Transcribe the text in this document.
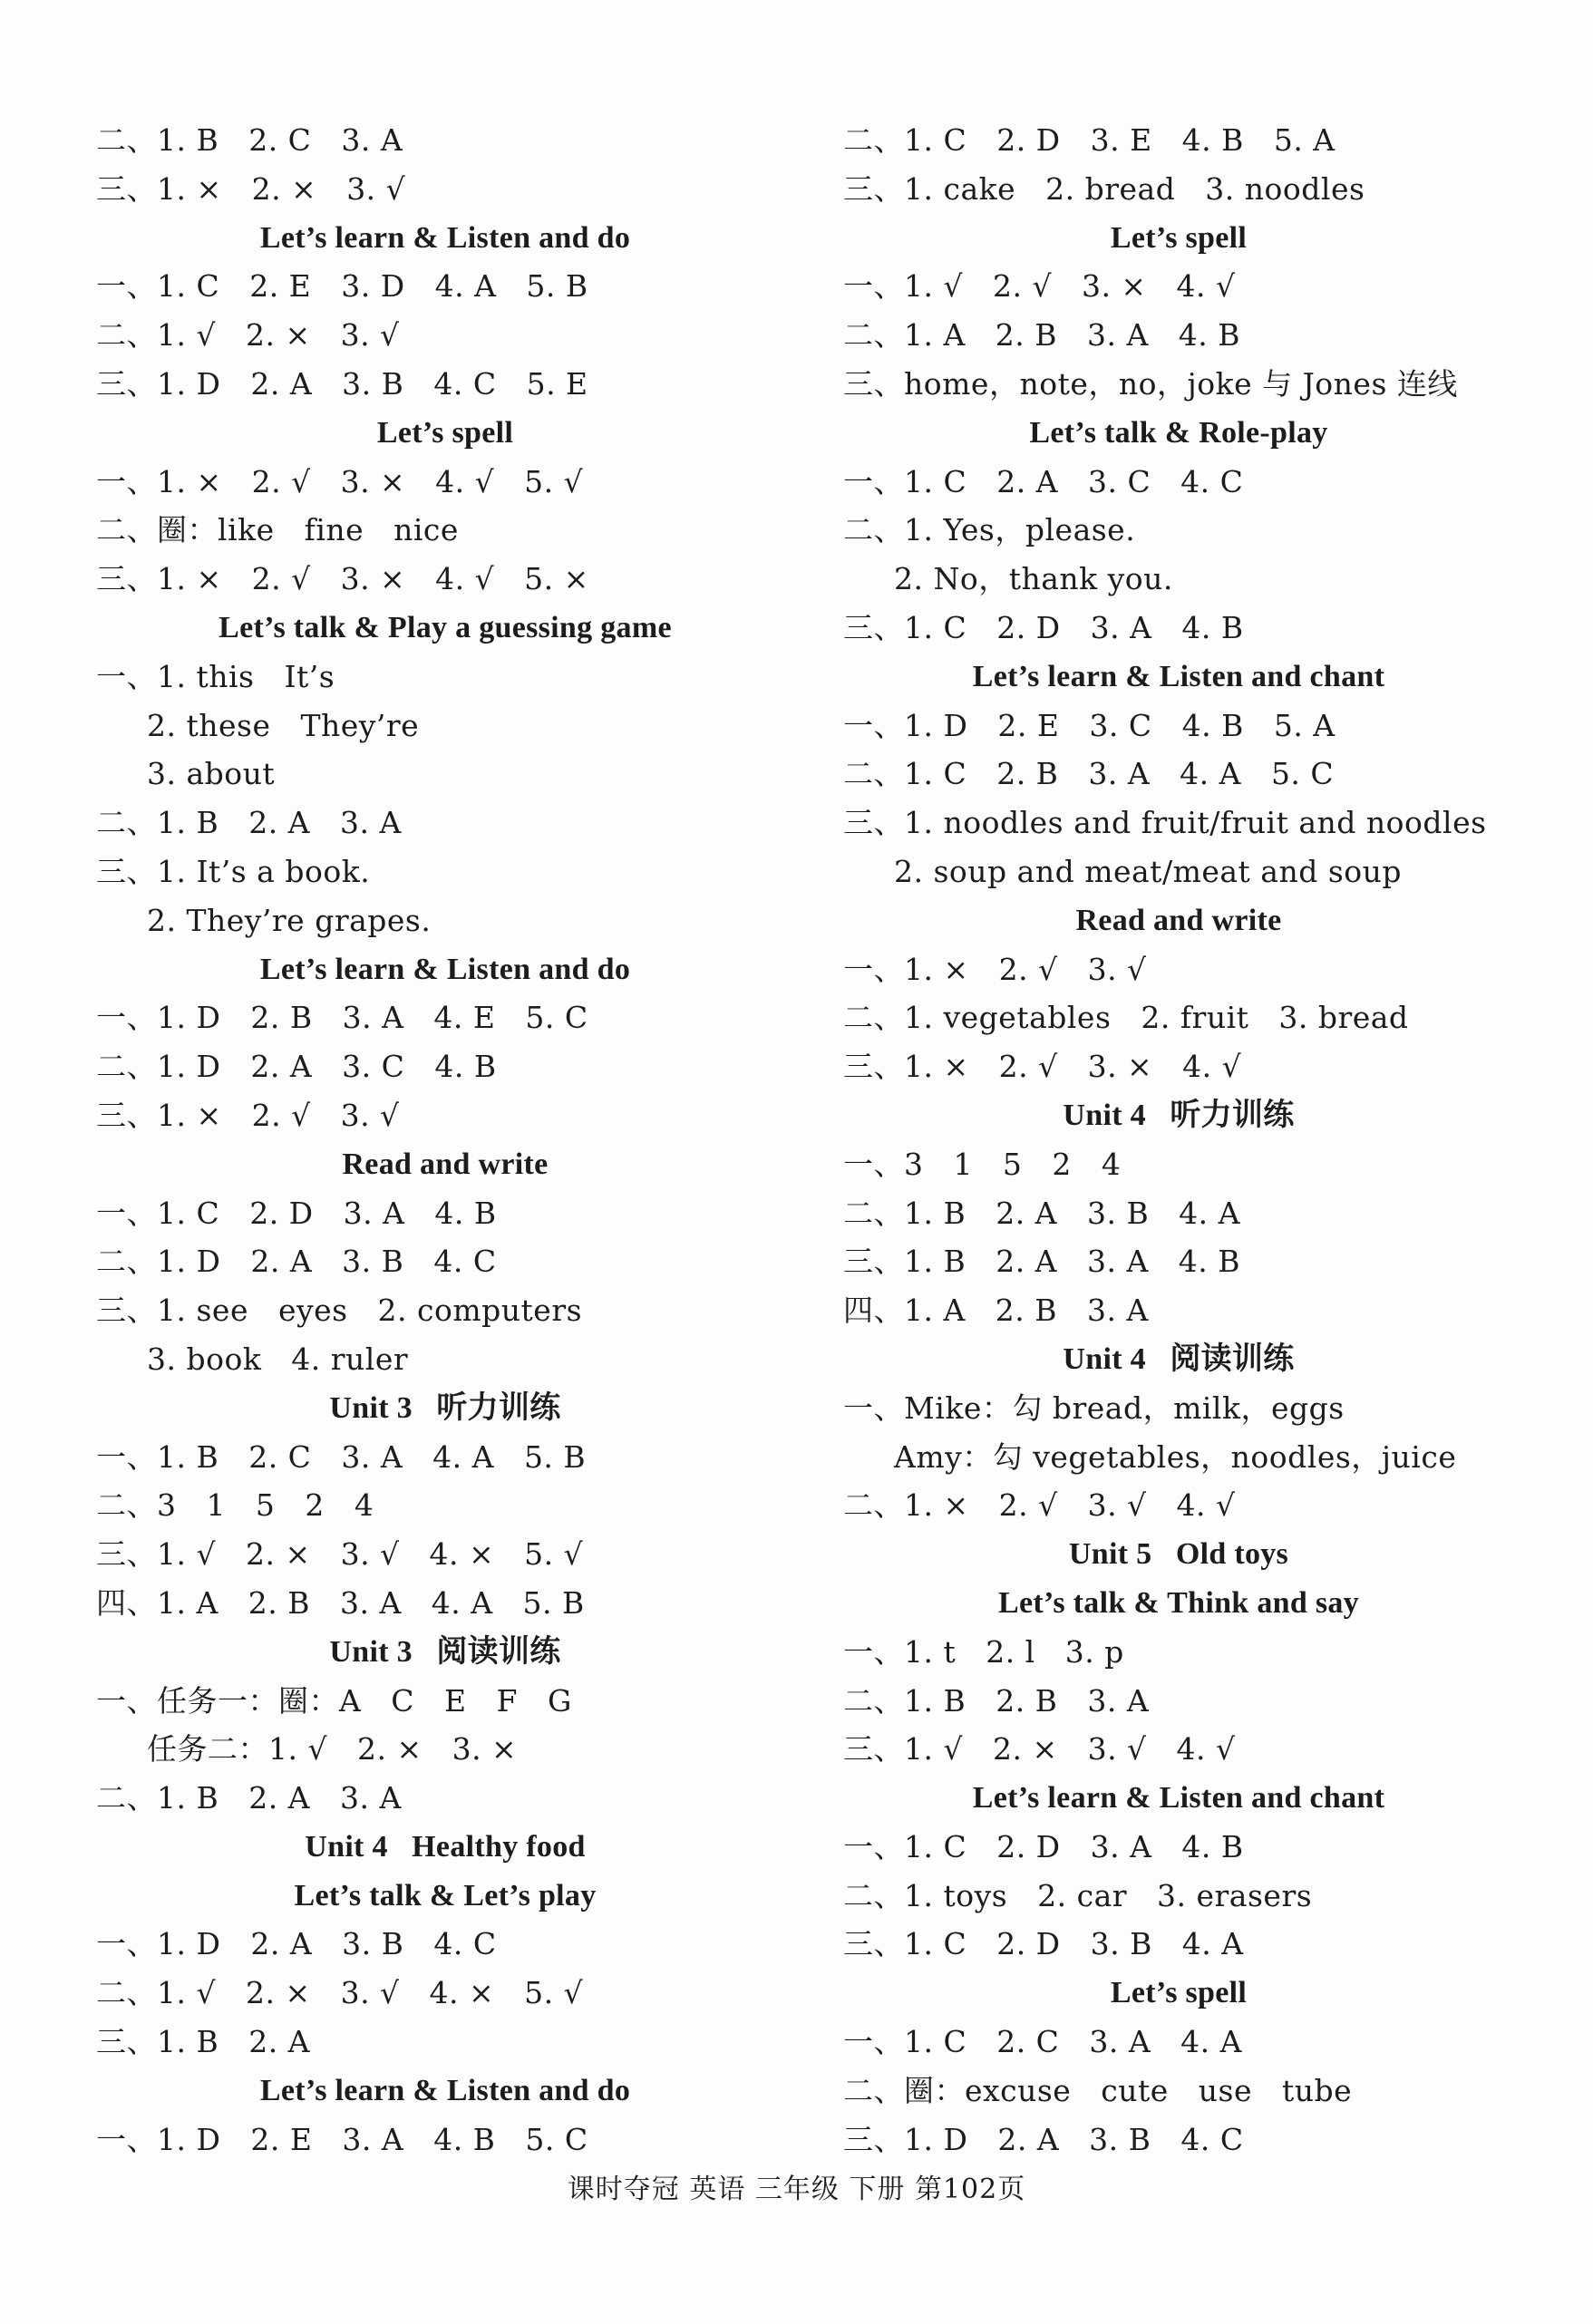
二、1. B   2. C   3. A
三、1. ×   2. ×   3. √
Let’s learn & Listen and do
一、1. C   2. E   3. D   4. A   5. B
二、1. √   2. ×   3. √
三、1. D   2. A   3. B   4. C   5. E
Let’s spell
一、1. ×   2. √   3. ×   4. √   5. √
二、圈：like   fine   nice
三、1. ×   2. √   3. ×   4. √   5. ×
Let’s talk & Play a guessing game
一、1. this   It’s
2. these   They’re
3. about
二、1. B   2. A   3. A
三、1. It’s a book.
2. They’re grapes.
Let’s learn & Listen and do
一、1. D   2. B   3. A   4. E   5. C
二、1. D   2. A   3. C   4. B
三、1. ×   2. √   3. √
Read and write
一、1. C   2. D   3. A   4. B
二、1. D   2. A   3. B   4. C
三、1. see   eyes   2. computers
3. book   4. ruler
Unit 3   听力训练
一、1. B   2. C   3. A   4. A   5. B
二、3   1   5   2   4
三、1. √   2. ×   3. √   4. ×   5. √
四、1. A   2. B   3. A   4. A   5. B
Unit 3   阅读训练
一、任务一：圈：A   C   E   F   G
任务二：1. √   2. ×   3. ×
二、1. B   2. A   3. A
Unit 4   Healthy food
Let’s talk & Let’s play
一、1. D   2. A   3. B   4. C
二、1. √   2. ×   3. √   4. ×   5. √
三、1. B   2. A
Let’s learn & Listen and do
一、1. D   2. E   3. A   4. B   5. C
二、1. C   2. D   3. E   4. B   5. A
三、1. cake   2. bread   3. noodles
Let’s spell
一、1. √   2. √   3. ×   4. √
二、1. A   2. B   3. A   4. B
三、home，note，no，joke 与 Jones 连线
Let’s talk & Role-play
一、1. C   2. A   3. C   4. C
二、1. Yes，please.
2. No，thank you.
三、1. C   2. D   3. A   4. B
Let’s learn & Listen and chant
一、1. D   2. E   3. C   4. B   5. A
二、1. C   2. B   3. A   4. A   5. C
三、1. noodles and fruit/fruit and noodles
2. soup and meat/meat and soup
Read and write
一、1. ×   2. √   3. √
二、1. vegetables   2. fruit   3. bread
三、1. ×   2. √   3. ×   4. √
Unit 4   听力训练
一、3   1   5   2   4
二、1. B   2. A   3. B   4. A
三、1. B   2. A   3. A   4. B
四、1. A   2. B   3. A
Unit 4   阅读训练
一、Mike：勾 bread，milk，eggs
Amy：勾 vegetables，noodles，juice
二、1. ×   2. √   3. √   4. √
Unit 5   Old toys
Let’s talk & Think and say
一、1. t   2. l   3. p
二、1. B   2. B   3. A
三、1. √   2. ×   3. √   4. √
Let’s learn & Listen and chant
一、1. C   2. D   3. A   4. B
二、1. toys   2. car   3. erasers
三、1. C   2. D   3. B   4. A
Let’s spell
一、1. C   2. C   3. A   4. A
二、圈：excuse   cute   use   tube
三、1. D   2. A   3. B   4. C
课时夺冠 英语 三年级 下册 第102页
